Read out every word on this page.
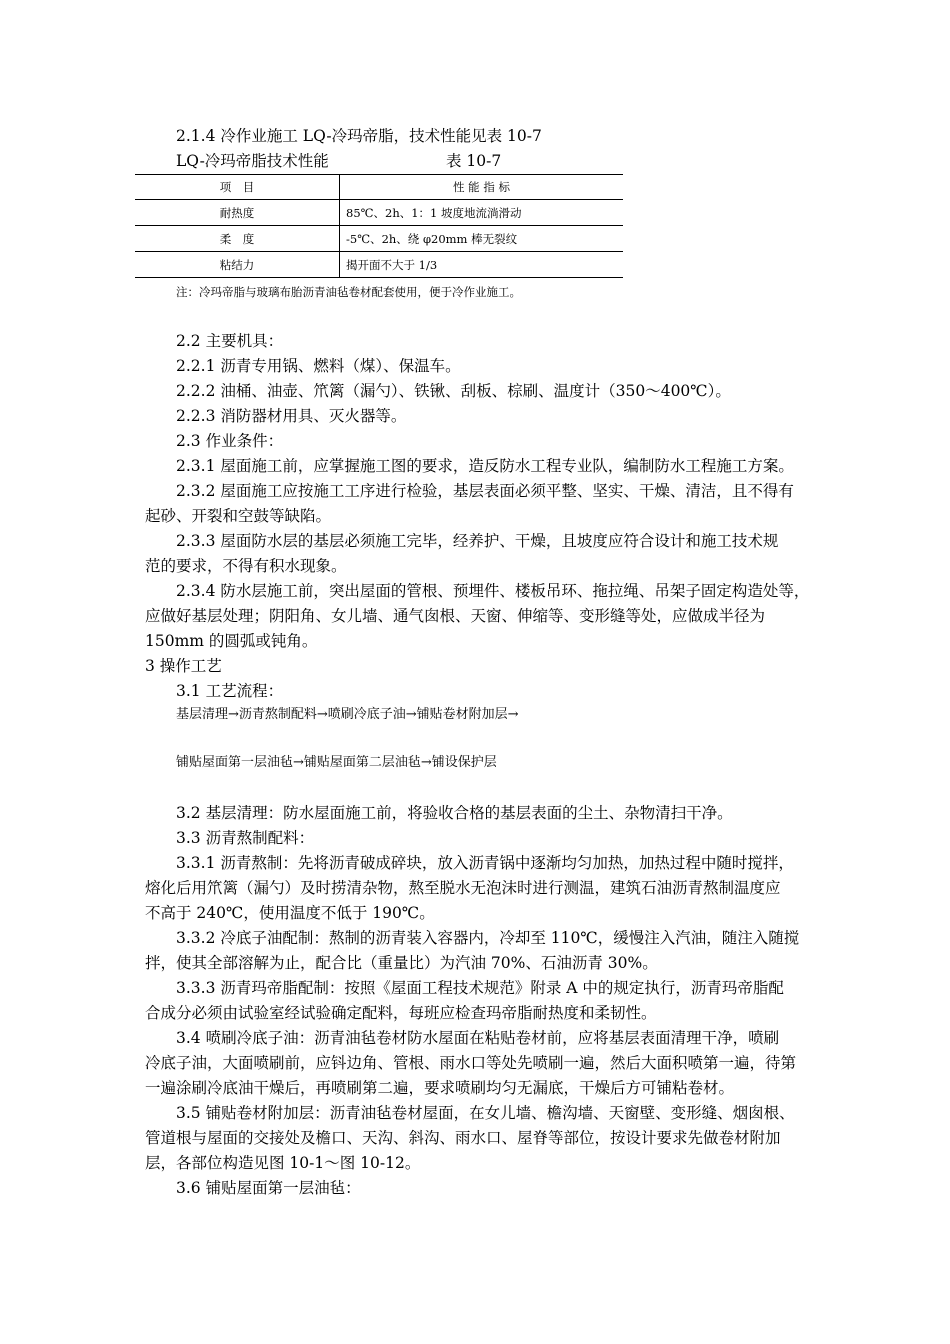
2.1.4 冷作业施工 LQ-冷玛帝脂，技术性能见表 10-7
LQ-冷玛帝脂技术性能	表 10-7
项　目	性 能 指 标
耐热度	85℃、2h、1：1 坡度地流淌滑动
柔　度	-5℃、2h、绕 φ20mm 棒无裂纹
粘结力	揭开面不大于 1/3
注：冷玛帝脂与玻璃布胎沥青油毡卷材配套使用，便于冷作业施工。
2.2 主要机具：
2.2.1 沥青专用锅、燃料（煤）、保温车。
2.2.2 油桶、油壶、笊篱（漏勺）、铁锹、刮板、棕刷、温度计（350～400℃）。
2.2.3 消防器材用具、灭火器等。
2.3 作业条件：
2.3.1 屋面施工前，应掌握施工图的要求，造反防水工程专业队，编制防水工程施工方案。
2.3.2 屋面施工应按施工工序进行检验，基层表面必须平整、坚实、干燥、清洁，且不得有
起砂、开裂和空鼓等缺陷。
2.3.3 屋面防水层的基层必须施工完毕，经养护、干燥，且坡度应符合设计和施工技术规
范的要求，不得有积水现象。
2.3.4 防水层施工前，突出屋面的管根、预埋件、楼板吊环、拖拉绳、吊架子固定构造处等，
应做好基层处理；阴阳角、女儿墙、通气囱根、天窗、伸缩等、变形缝等处，应做成半径为
150mm 的圆弧或钝角。
3 操作工艺
3.1 工艺流程：
基层清理→沥青熬制配料→喷刷冷底子油→铺贴卷材附加层→
铺贴屋面第一层油毡→铺贴屋面第二层油毡→铺设保护层
3.2 基层清理：防水屋面施工前，将验收合格的基层表面的尘土、杂物清扫干净。
3.3 沥青熬制配料：
3.3.1 沥青熬制：先将沥青破成碎块，放入沥青锅中逐渐均匀加热，加热过程中随时搅拌，
熔化后用笊篱（漏勺）及时捞清杂物，熬至脱水无泡沫时进行测温，建筑石油沥青熬制温度应
不高于 240℃，使用温度不低于 190℃。
3.3.2 冷底子油配制：熬制的沥青装入容器内，冷却至 110℃，缓慢注入汽油，随注入随搅
拌，使其全部溶解为止，配合比（重量比）为汽油 70%、石油沥青 30%。
3.3.3 沥青玛帝脂配制：按照《屋面工程技术规范》附录 A 中的规定执行，沥青玛帝脂配
合成分必须由试验室经试验确定配料，每班应检查玛帝脂耐热度和柔韧性。
3.4 喷刷冷底子油：沥青油毡卷材防水屋面在粘贴卷材前，应将基层表面清理干净，喷刷
冷底子油，大面喷刷前，应钭边角、管根、雨水口等处先喷刷一遍，然后大面积喷第一遍，待第
一遍涂刷冷底油干燥后，再喷刷第二遍，要求喷刷均匀无漏底，干燥后方可铺粘卷材。
3.5 铺贴卷材附加层：沥青油毡卷材屋面，在女儿墙、檐沟墙、天窗壁、变形缝、烟囱根、
管道根与屋面的交接处及檐口、天沟、斜沟、雨水口、屋脊等部位，按设计要求先做卷材附加
层，各部位构造见图 10-1～图 10-12。
3.6 铺贴屋面第一层油毡：
